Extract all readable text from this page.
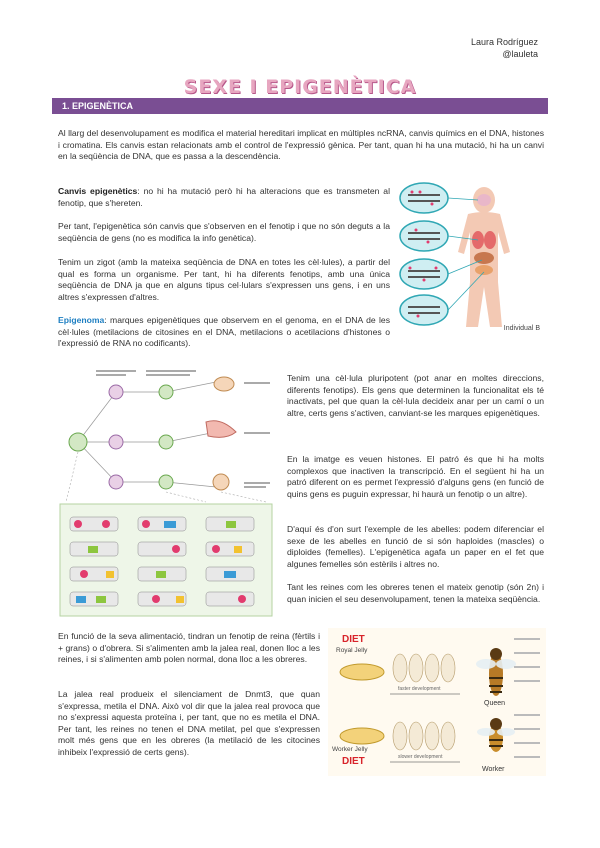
Laura Rodríguez
@lauleta
SEXE I EPIGENÈTICA
1. EPIGENÈTICA

Al llarg del desenvolupament es modifica el material hereditari implicat en múltiples ncRNA, canvis químics en el DNA, histones i cromatina. Els canvis estan relacionats amb el control de l'expressió gènica. Per tant, quan hi ha una mutació, hi ha un canvi en la seqüència de DNA, que es passa a la descendència.

Canvis epigenètics: no hi ha mutació però hi ha alteracions que es transmeten al fenotip, que s'hereten.

Per tant, l'epigenètica són canvis que s'observen en el fenotip i que no són deguts a la seqüència de gens (no es modifica la info genètica).

Tenim un zigot (amb la mateixa seqüència de DNA en totes les cèl·lules), a partir del qual es forma un organisme. Per tant, hi ha diferents fenotips, amb una única seqüència de DNA ja que en alguns tipus cel·lulars s'expressen uns gens, i en uns altres s'expressen d'altres.

Epigenoma: marques epigenètiques que observem en el genoma, en el DNA de les cèl·lules (metilacions de citosines en el DNA, metilacions o acetilacions d'histones o l'expressió de RNA no codificants).

Individual B

Tenim una cèl·lula pluripotent (pot anar en moltes direccions, diferents fenotips). Els gens que determinen la funcionalitat els té inactivats, pel que quan la cèl·lula decideix anar per un camí o un altre, certs gens s'activen, canviant-se les marques epigenètiques.

En la imatge es veuen histones. El patró és que hi ha molts complexos que inactiven la transcripció. En el següent hi ha un patró diferent on es permet l'expressió d'alguns gens (en funció de quins gens es puguin expressar, hi haurà un fenotip o un altre).

D'aquí és d'on surt l'exemple de les abelles: podem diferenciar el sexe de les abelles en funció de si són haploides (mascles) o diploides (femelles). L'epigenètica agafa un paper en el fet que algunes femelles són estèrils i altres no.

Tant les reines com les obreres tenen el mateix genotip (són 2n) i quan inicien el seu desenvolupament, tenen la mateixa seqüència.

En funció de la seva alimentació, tindran un fenotip de reina (fèrtils i + grans) o d'obrera. Si s'alimenten amb la jalea real, donen lloc a les reines, i si s'alimenten amb polen normal, dona lloc a les obreres.

La jalea real produeix el silenciament de Dnmt3, que quan s'expressa, metila el DNA. Això vol dir que la jalea real provoca que no s'expressi aquesta proteïna i, per tant, que no es metila el DNA. Per tant, les reines no tenen el DNA metilat, pel que s'expressen molt més gens que en les obreres (la metilació de les citocines inhibeix l'expressió de certs gens).

DIET
Royal Jelly
faster development
slower development
Worker Jelly
DIET
Queen
Worker
